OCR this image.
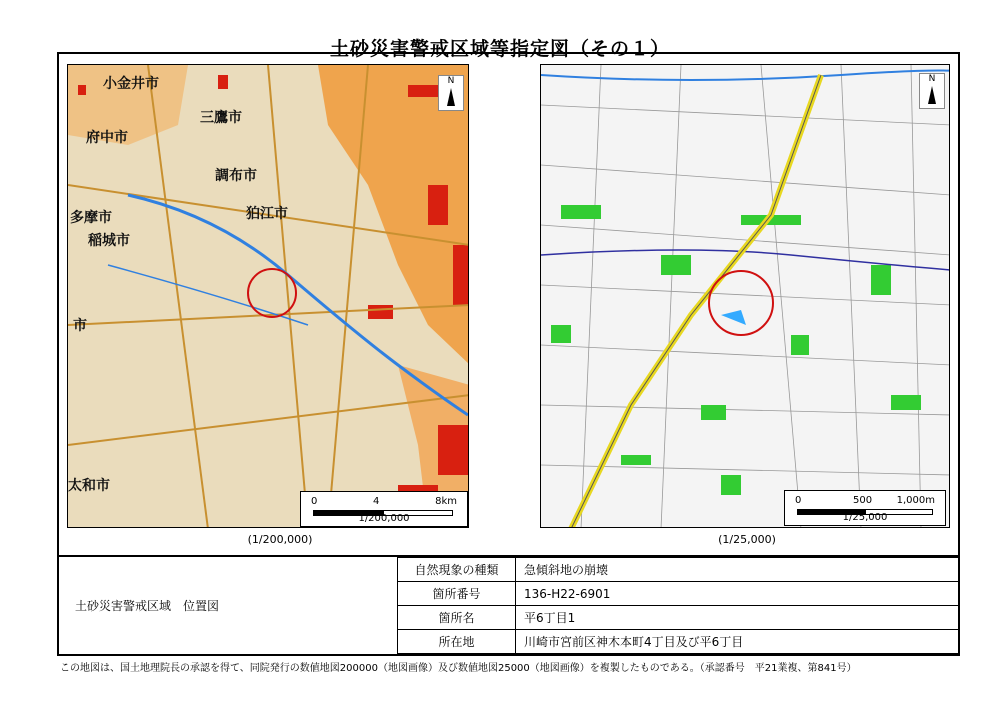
土砂災害警戒区域等指定図（その１）
小金井市
三鷹市
府中市
調布市
狛江市
多摩市
稲城市
市
太和市
N
0	4	8km
1/200,000
N
0	500 1,000m
1/25,000
(1/200,000)	(1/25,000)
土砂災害警戒区域　位置図
自然現象の種類	急傾斜地の崩壊
箇所番号	136-H22-6901
箇所名	平6丁目1
所在地	川崎市宮前区神木本町4丁目及び平6丁目
この地図は、国土地理院長の承認を得て、同院発行の数値地図200000（地図画像）及び数値地図25000（地図画像）を複製したものである。（承認番号　平21業複、第841号）
